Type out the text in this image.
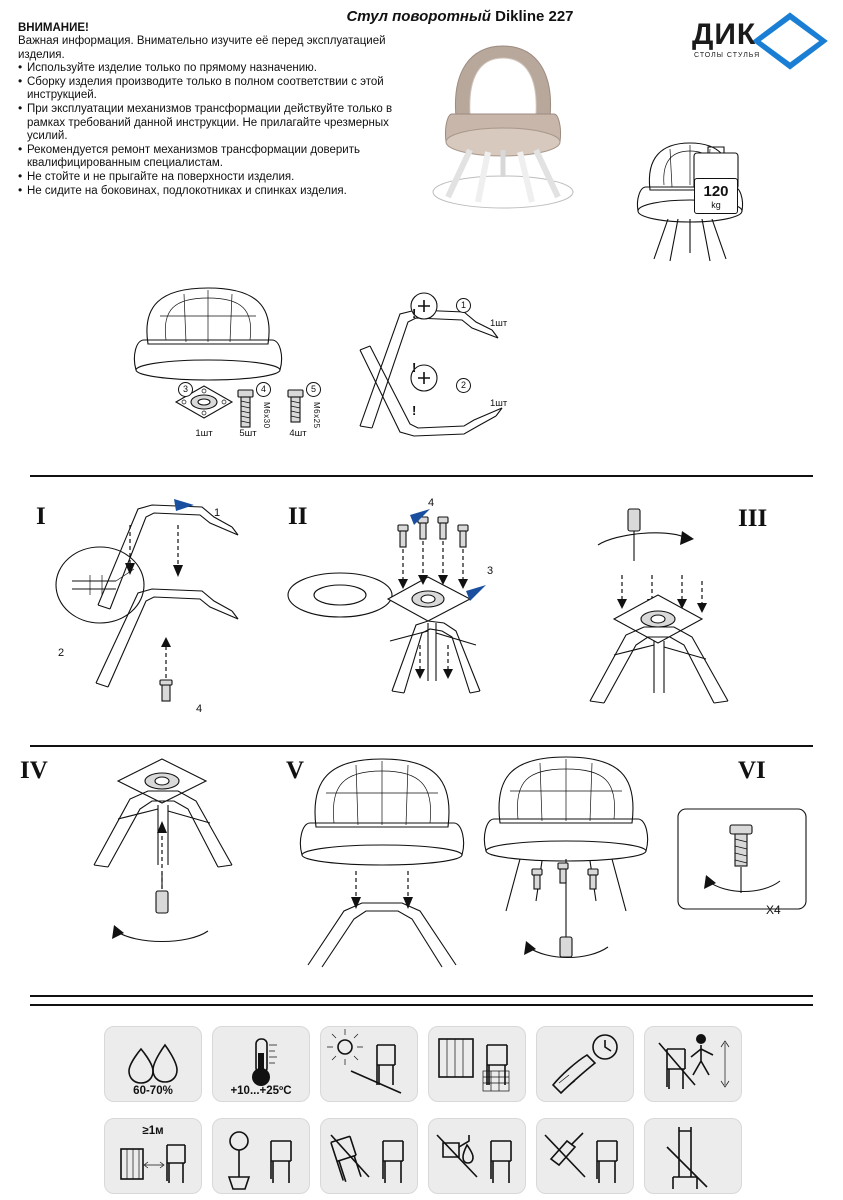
Стул поворотный Dikline 227
ВНИМАНИЕ!
Важная информация. Внимательно изучите её перед эксплуатацией изделия.
• Используйте изделие только по прямому назначению.
• Сборку изделия производите только в полном соответствии с этой инструкцией.
• При эксплуатации механизмов трансформации действуйте только в рамках требований данной инструкции. Не прилагайте чрезмерных усилий.
• Рекомендуется ремонт механизмов трансформации доверить квалифицированным специалистам.
• Не стойте и не прыгайте на поверхности изделия.
• Не сидите на боковинах, подлокотниках и спинках изделия.
ДИК
СТОЛЫ СТУЛЬЯ
120
kg
3
1шт
4
М6х30
5шт
5
М6х25
4шт
1
1шт
2
1шт
!
!
!
I	1
2
4
II	4
3
III
IV	V	VI
X4
60-70%	+10...+25ºC
≥1м
